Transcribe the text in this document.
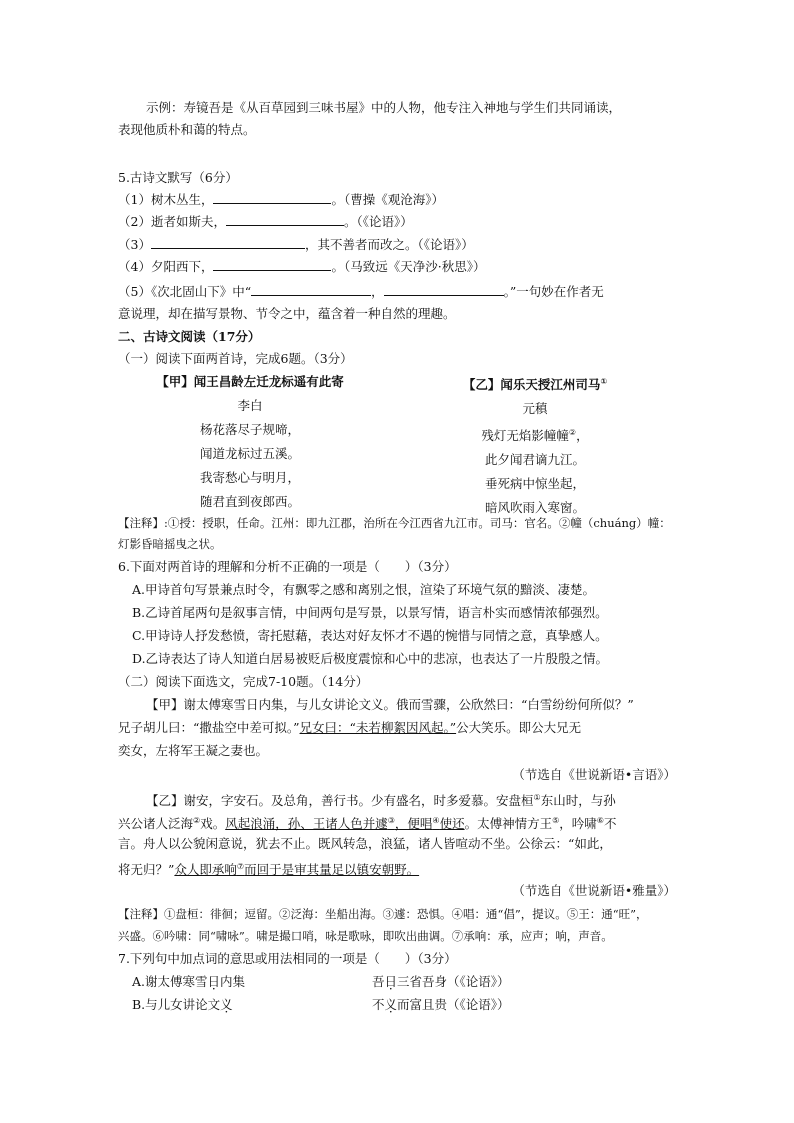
示例：寿镜吾是《从百草园到三味书屋》中的人物，他专注入神地与学生们共同诵读，
表现他质朴和蔼的特点。
5.古诗文默写（6分）
（1）树木丛生，	。（曹操《观沧海》）
（2）逝者如斯夫，	。（《论语》）
（3）	，其不善者而改之。（《论语》）
（4）夕阳西下，	。（马致远《天净沙·秋思》）
（5）《次北固山下》中“	，	。”一句妙在作者无
意说理，却在描写景物、节令之中，蕴含着一种自然的理趣。
二、古诗文阅读（17分）
（一）阅读下面两首诗，完成6题。（3分）
【甲】闻王昌龄左迁龙标遥有此寄
李白
杨花落尽子规啼，
闻道龙标过五溪。
我寄愁心与明月，
随君直到夜郎西。
【乙】闻乐天授江州司马①
元稹
残灯无焰影幢幢②，
此夕闻君谪九江。
垂死病中惊坐起，
暗风吹雨入寒窗。
【注释】:①授：授职，任命。江州：即九江郡，治所在今江西省九江市。司马：官名。②幢（chuáng）幢：
灯影昏暗摇曳之状。
6.下面对两首诗的理解和分析不正确的一项是（　　）（3分）
A.甲诗首句写景兼点时令，有飘零之感和离别之恨，渲染了环境气氛的黯淡、凄楚。
B.乙诗首尾两句是叙事言情，中间两句是写景，以景写情，语言朴实而感情浓郁强烈。
C.甲诗诗人抒发愁愤，寄托慰藉，表达对好友怀才不遇的惋惜与同情之意，真挚感人。
D.乙诗表达了诗人知道白居易被贬后极度震惊和心中的悲凉，也表达了一片殷殷之情。
（二）阅读下面选文，完成7-10题。（14分）
【甲】谢太傅寒雪日内集，与儿女讲论文义。俄而雪骤，公欣然曰：“白雪纷纷何所似？”
兄子胡儿曰：“撒盐空中差可拟。”兄女曰：“未若柳絮因风起。”公大笑乐。即公大兄无
奕女，左将军王凝之妻也。
（节选自《世说新语•言语》）
【乙】谢安，字安石。及总角，善行书。少有盛名，时多爱慕。安盘桓①东山时，与孙
兴公诸人泛海②戏。风起浪涌，孙、王诸人色并遽③，便唱④使还。太傅神情方王⑤，吟啸⑥不
言。舟人以公貌闲意说，犹去不止。既风转急，浪猛，诸人皆喧动不坐。公徐云：“如此，
将无归？”众人即承响⑦而回于是审其量足以镇安朝野。
（节选自《世说新语•雅量》）
【注释】①盘桓：徘徊；逗留。②泛海：坐船出海。③遽：恐惧。④唱：通“倡”，提议。⑤王：通“旺”，
兴盛。⑥吟啸：同“啸咏”。啸是撮口哨，咏是歌咏，即吹出曲调。⑦承响：承，应声；响，声音。
7.下列句中加点词的意思或用法相同的一项是（　　）（3分）
A.谢太傅寒雪日内集	吾日三省吾身（《论语》）
B.与儿女讲论文义	不义而富且贵（《论语》）
